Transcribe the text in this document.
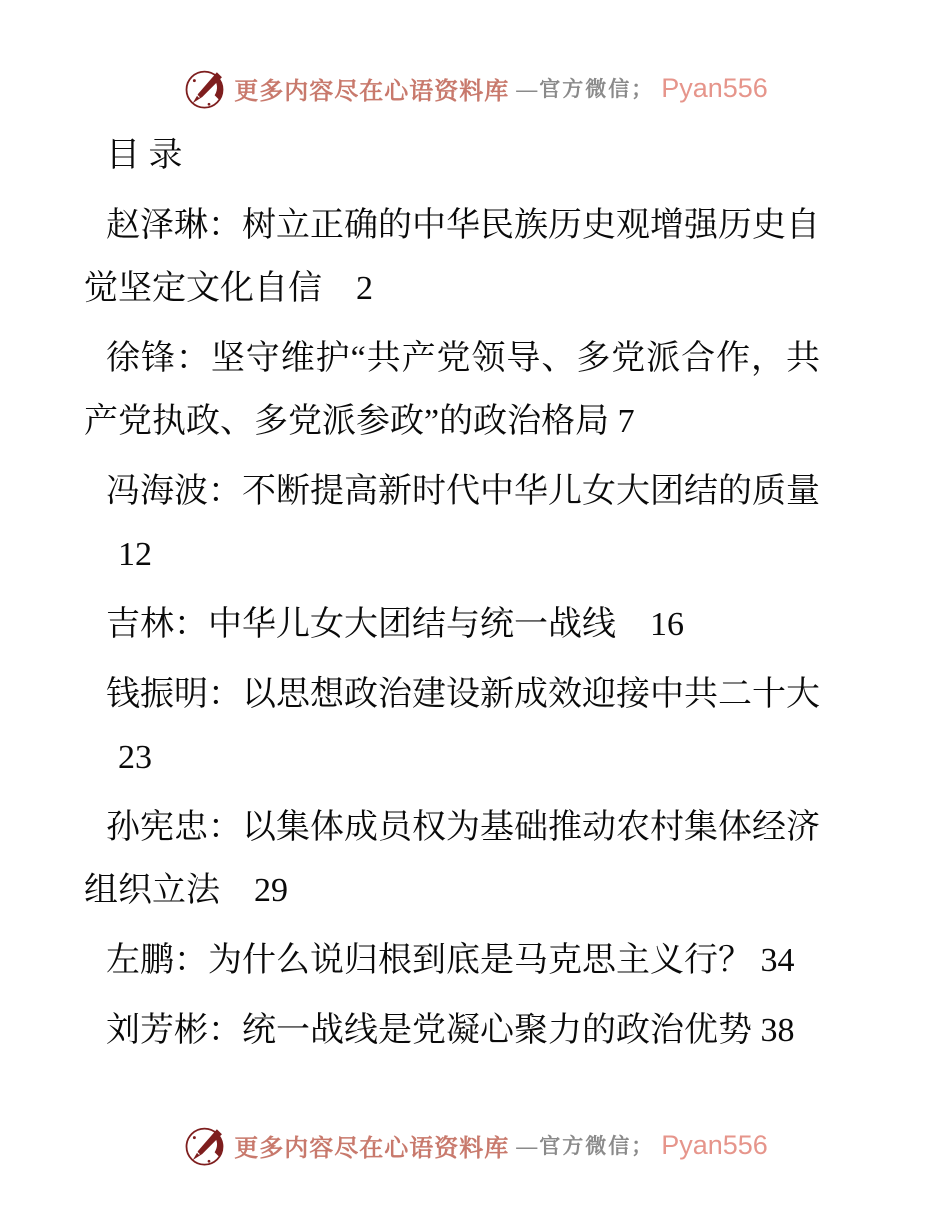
更多内容尽在心语资料库 —官方微信； Pyan556
目 录
赵泽琳：树立正确的中华民族历史观增强历史自
觉坚定文化自信　2
徐锋：坚守维护“共产党领导、多党派合作，共
产党执政、多党派参政”的政治格局 7
冯海波：不断提高新时代中华儿女大团结的质量
　12
吉林：中华儿女大团结与统一战线　16
钱振明：以思想政治建设新成效迎接中共二十大
　23
孙宪忠：以集体成员权为基础推动农村集体经济
组织立法　29
左鹏：为什么说归根到底是马克思主义行？ 34
刘芳彬：统一战线是党凝心聚力的政治优势 38
更多内容尽在心语资料库 —官方微信； Pyan556
